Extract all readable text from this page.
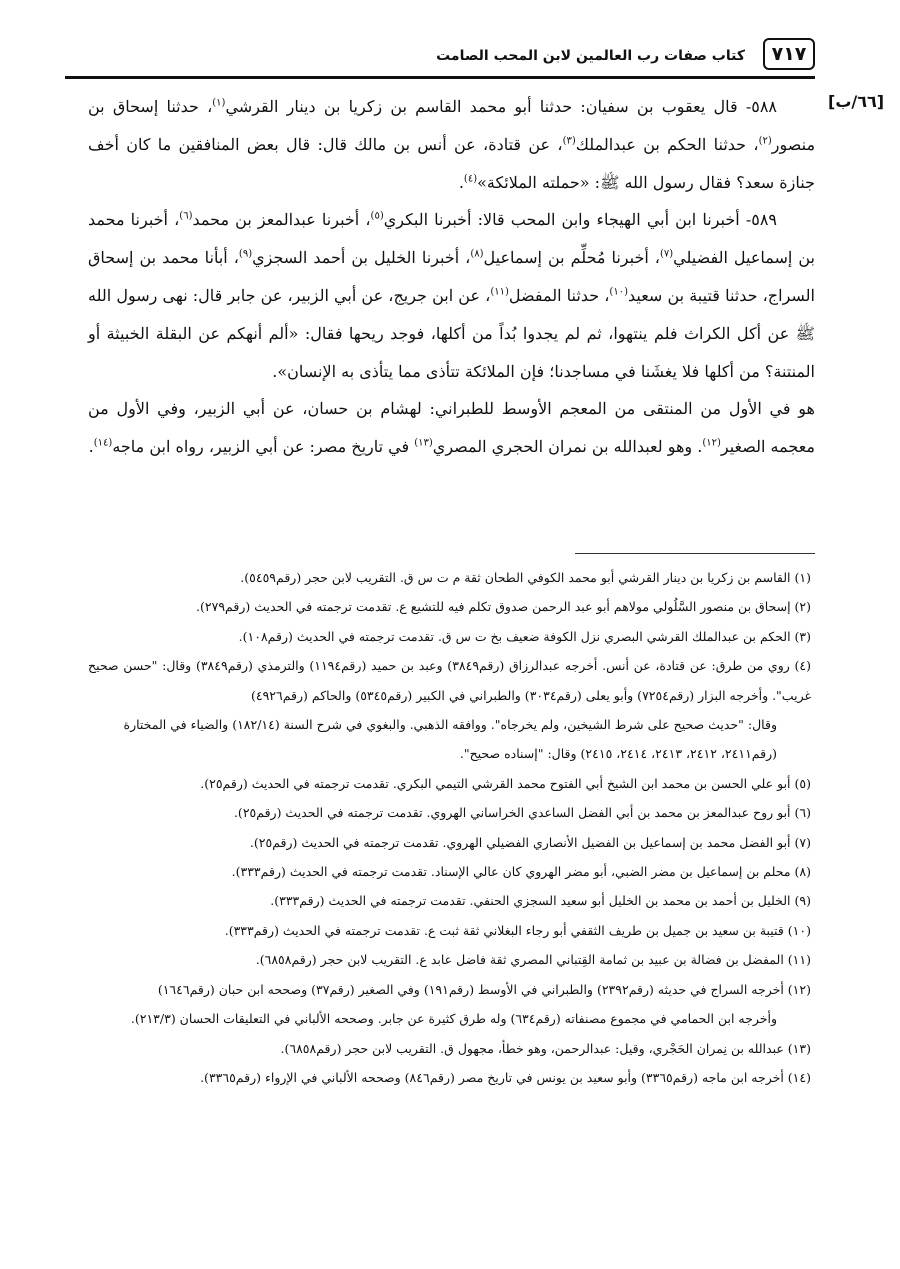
٧١٧
كتاب صفات رب العالمين لابن المحب الصامت
[٦٦/ب]

٥٨٨- قال يعقوب بن سفيان: حدثنا أبو محمد القاسم بن زكريا بن دينار القرشي$^{(١)}$، حدثنا إسحاق بن منصور$^{(٢)}$، حدثنا الحكم بن عبدالملك$^{(٣)}$، عن قتادة، عن أنس بن مالك قال: قال بعض المنافقين ما كان أخف جنازة سعد؟ فقال رسول الله ﷺ: «حملته الملائكة»$^{(٤)}$.

٥٨٩- أخبرنا ابن أبي الهيجاء وابن المحب قالا: أخبرنا البكري$^{(٥)}$، أخبرنا عبدالمعز بن محمد$^{(٦)}$، أخبرنا محمد بن إسماعيل الفضيلي$^{(٧)}$، أخبرنا مُحلِّم بن إسماعيل$^{(٨)}$، أخبرنا الخليل بن أحمد السجزي$^{(٩)}$، أبأنا محمد بن إسحاق السراج، حدثنا قتيبة بن سعيد$^{(١٠)}$، حدثنا المفضل$^{(١١)}$، عن ابن جريج، عن أبي الزبير، عن جابر قال: نهى رسول الله ﷺ عن أكل الكراث فلم ينتهوا، ثم لم يجدوا بُداً من أكلها، فوجد ريحها فقال: «ألم أنهكم عن البقلة الخبيثة أو المنتنة؟ من أكلها فلا يغشَنا في مساجدنا؛ فإن الملائكة تتأذى مما يتأذى به الإنسان».

هو في الأول من المنتقى من المعجم الأوسط للطبراني: لهشام بن حسان، عن أبي الزبير، وفي الأول من معجمه الصغير$^{(١٢)}$. وهو لعبدالله بن نمران الحجري المصري$^{(١٣)}$ في تاريخ مصر: عن أبي الزبير، رواه ابن ماجه$^{(١٤)}$.

(١) القاسم بن زكريا بن دينار القرشي أبو محمد الكوفي الطحان ثقة م ت س ق. التقريب لابن حجر (رقم٥٤٥٩).

(٢) إسحاق بن منصور السَّلُولي مولاهم أبو عبد الرحمن صدوق تكلم فيه للتشيع ع. تقدمت ترجمته في الحديث (رقم٢٧٩).

(٣) الحكم بن عبدالملك القرشي البصري نزل الكوفة ضعيف بخ ت س ق. تقدمت ترجمته في الحديث (رقم١٠٨).

(٤) روي من طرق: عن قتادة، عن أنس. أخرجه عبدالرزاق (رقم٣٨٤٩) وعبد بن حميد (رقم١١٩٤) والترمذي (رقم٣٨٤٩) وقال: "حسن صحيح غريب". وأخرجه البزار (رقم٧٢٥٤) وأبو يعلى (رقم٣٠٣٤) والطبراني في الكبير (رقم٥٣٤٥) والحاكم (رقم٤٩٢٦)

وقال: "حديث صحيح على شرط الشيخين، ولم يخرجاه". ووافقه الذهبي. والبغوي في شرح السنة (١٨٢/١٤) والضياء في المختارة (رقم٢٤١١، ٢٤١٢، ٢٤١٣، ٢٤١٤، ٢٤١٥) وقال: "إسناده صحيح".

(٥) أبو علي الحسن بن محمد ابن الشيخ أبي الفتوح محمد القرشي التيمي البكري. تقدمت ترجمته في الحديث (رقم٢٥).

(٦) أبو روح عبدالمعز بن محمد بن أبي الفضل الساعدي الخراساني الهروي. تقدمت ترجمته في الحديث (رقم٢٥).

(٧) أبو الفضل محمد بن إسماعيل بن الفضيل الأنصاري الفضيلي الهروي. تقدمت ترجمته في الحديث (رقم٢٥).

(٨) محلم بن إسماعيل بن مضر الضبي، أبو مضر الهروي كان عالي الإسناد. تقدمت ترجمته في الحديث (رقم٣٣٣).

(٩) الخليل بن أحمد بن محمد بن الخليل أبو سعيد السجزي الحنفي. تقدمت ترجمته في الحديث (رقم٣٣٣).

(١٠) قتيبة بن سعيد بن جميل بن طريف الثقفي أبو رجاء البغلاني ثقة ثبت ع. تقدمت ترجمته في الحديث (رقم٣٣٣).

(١١) المفضل بن فضالة بن عبيد بن ثمامة القِتباني المصري ثقة فاضل عابد ع. التقريب لابن حجر (رقم٦٨٥٨).

(١٢) أخرجه السراج في حديثه (رقم٢٣٩٢) والطبراني في الأوسط (رقم١٩١) وفي الصغير (رقم٣٧) وصححه ابن حبان (رقم١٦٤٦)

وأخرجه ابن الحمامي في مجموع مصنفاته (رقم٦٣٤) وله طرق كثيرة عن جابر. وصححه الألباني في التعليقات الحسان (٢١٣/٣).

(١٣) عبدالله بن نِمران الحَجْري، وقيل: عبدالرحمن، وهو خطأ، مجهول ق. التقريب لابن حجر (رقم٦٨٥٨).

(١٤) أخرجه ابن ماجه (رقم٣٣٦٥) وأبو سعيد بن يونس في تاريخ مصر (رقم٨٤٦) وصححه الألباني في الإرواء (رقم٣٣٦٥).
